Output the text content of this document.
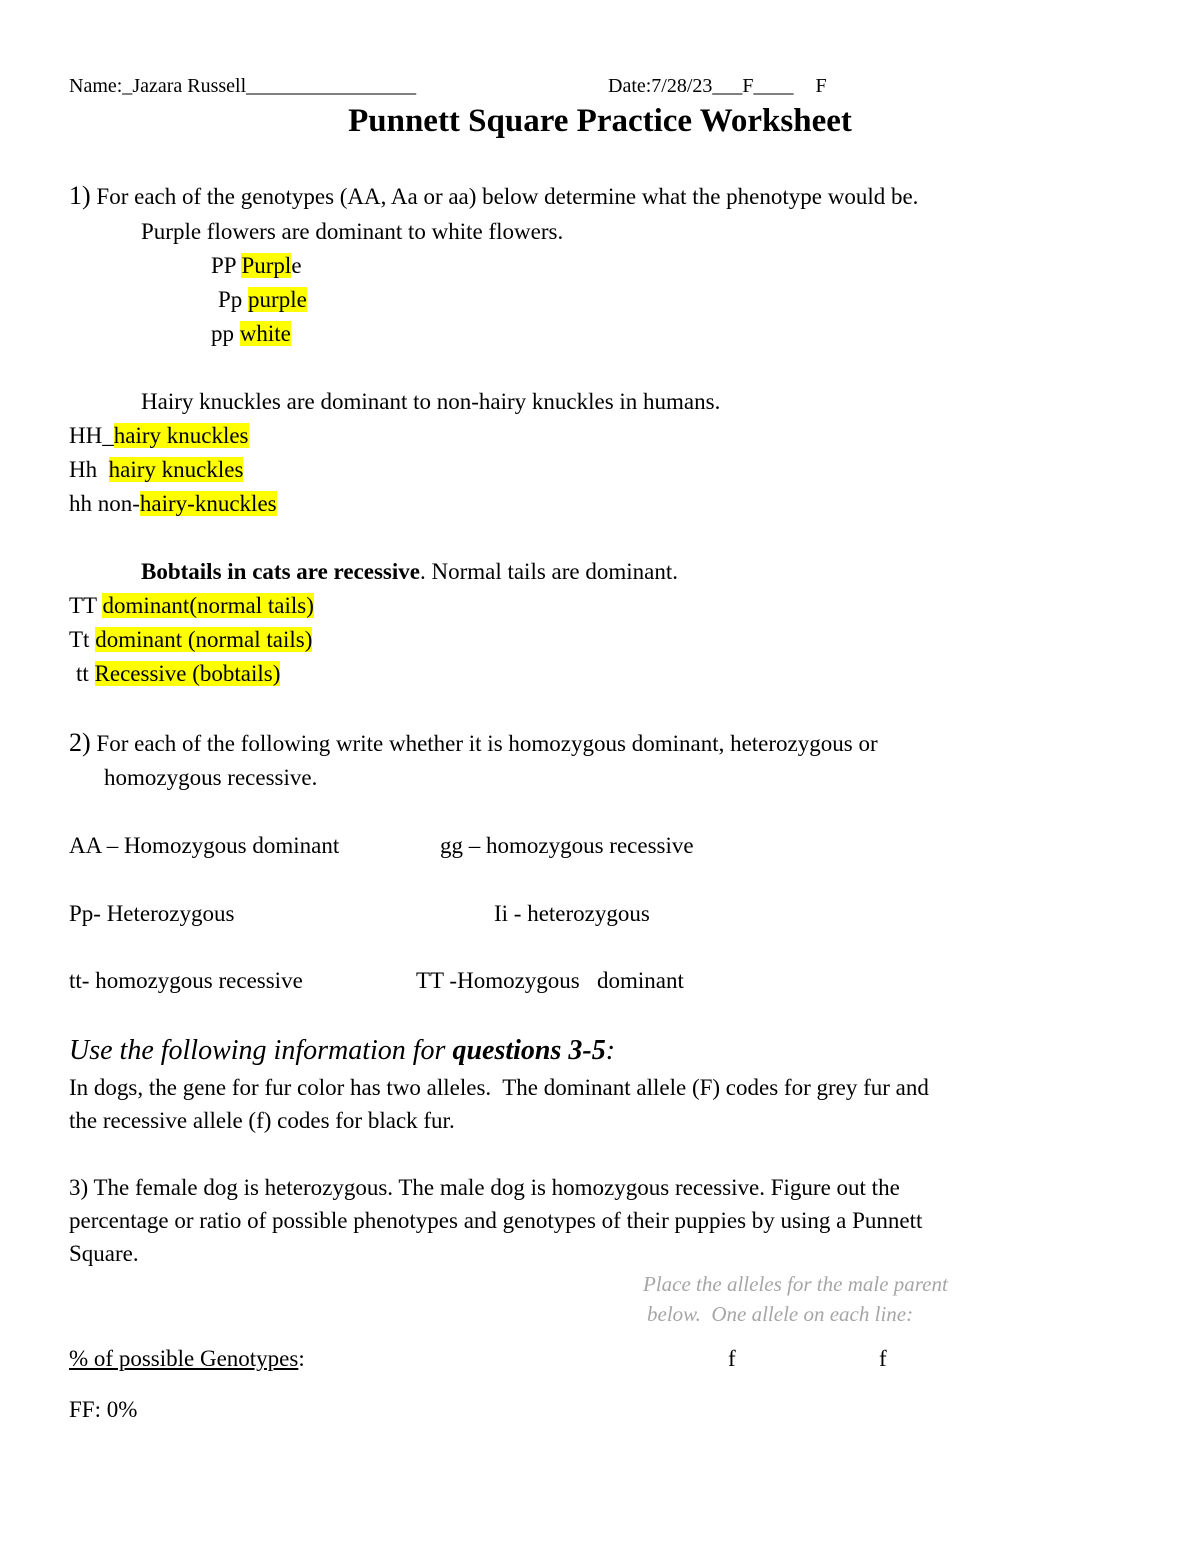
Name:_Jazara Russell_________________	Date:7/28/23___F____ F
Punnett Square Practice Worksheet
1) For each of the genotypes (AA, Aa or aa) below determine what the phenotype would be.
Purple flowers are dominant to white flowers.
PP Purple
Pp purple
pp white
Hairy knuckles are dominant to non-hairy knuckles in humans.
HH_hairy knuckles
Hh hairy knuckles
hh non-hairy-knuckles
Bobtails in cats are recessive. Normal tails are dominant.
TT dominant(normal tails)
Tt dominant (normal tails)
tt Recessive (bobtails)
2) For each of the following write whether it is homozygous dominant, heterozygous or
homozygous recessive.
AA – Homozygous dominant	gg – homozygous recessive
Pp- Heterozygous	Ii - heterozygous
tt- homozygous recessive	TT -Homozygous   dominant
Use the following information for questions 3-5:
In dogs, the gene for fur color has two alleles.  The dominant allele (F) codes for grey fur and
the recessive allele (f) codes for black fur.
3) The female dog is heterozygous. The male dog is homozygous recessive. Figure out the
percentage or ratio of possible phenotypes and genotypes of their puppies by using a Punnett
Square.
Place the alleles for the male parent
below.  One allele on each line:
% of possible Genotypes:	f	f
FF: 0%
